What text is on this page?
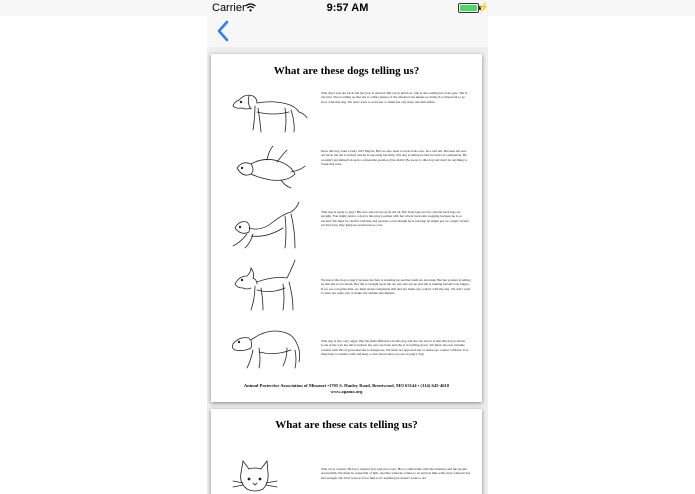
Carrier	9:57 AM	⚡
What are these dogs telling us?
This dog's ears are back and her face is relaxed. Her tail is held low. She is also raising her front paw. She is not hurt. She is telling us that she is a little unsure of the situation but means no harm. It is important to go slow with this dog. We don't want to scare her or make her any more uncomfortable.
Does this dog want a belly rub? Maybe. But we also need to look at his ears, face and tail. Because his ears are back, his tail is tucked and he is exposing his belly, this dog is telling us that he trusts us completely. He wouldn't put himself in such a vulnerable position if he didn't! Be sweet to this dog and don't do anything to break that trust.
This dog is ready to play! His ears and tail are up in the air. His front legs are low and his back legs are straight. You might notice a dog in this play position with her whole back side wagging because he is so excited. We must be careful with this dog because, even though he is playing, he might get too rough. Overly excited dogs may jump up and knock us over.
We know this dog is angry because her hair is standing up and her teeth are showing. But her posture is telling us that she is not afraid. Her tail is straight up in the air, her ears are up and she is making herself look bigger. If we see a dog like this, we must stand completely still and not make eye contact with the dog. We don't want to raise our arms, run or make any sudden movements.
This dog is also very angry. But the main difference in this dog and the one above is that this dog is afraid. Look at the way her tail is tucked, her ears are back and she is crouching down. We must also use extreme caution with this dog because she is dangerous. We must not approach her or make eye contact with her. It is important to remain calm and keep a clear head when you see an angry dog!
Animal Protective Association of Missouri •1705 S. Hanley Road, Brentwood, MO 63144 • (314) 645-4610
www.apamo.org
What are these cats telling us?
This cat is content. He has a relaxed face and erect ears. He is comfortable with the situation and the people around him. We must be respectful of him, just like when he comes to us and lets him walk away when he has had enough. We don't want to force him to do anything he doesn't want to do!
